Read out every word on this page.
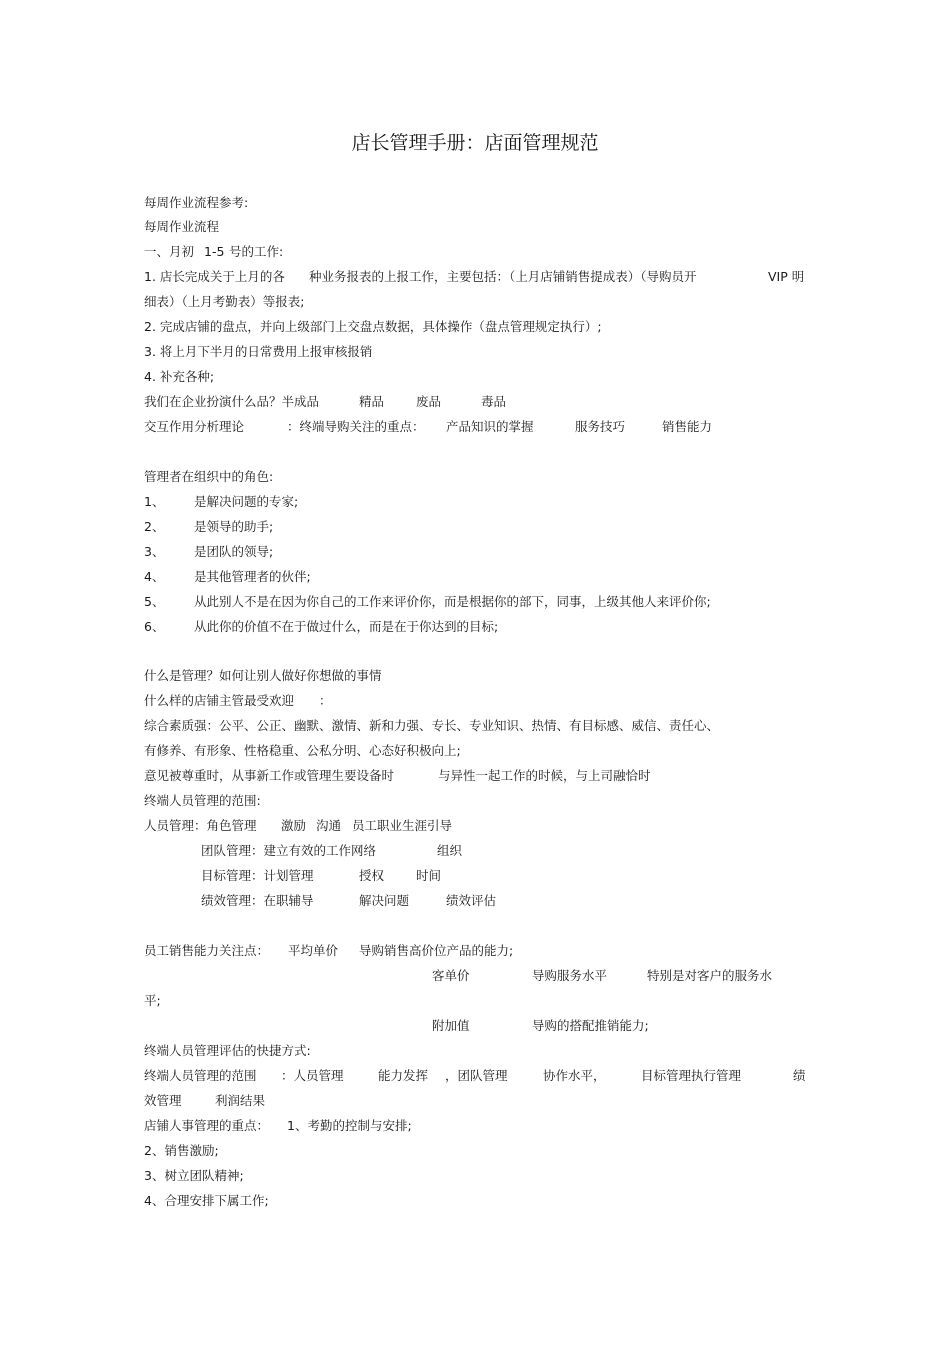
店长管理手册：店面管理规范
每周作业流程参考:
每周作业流程
一、月初 1-5 号的工作:
1. 店长完成关于上月的各 种业务报表的上报工作，主要包括：（上月店铺销售提成表）（导购员开	VIP 明
细表）（上月考勤表）等报表;
2. 完成店铺的盘点，并向上级部门上交盘点数据，具体操作（盘点管理规定执行）;
3. 将上月下半月的日常费用上报审核报销
4. 补充各种;
我们在企业扮演什么品？半成品	精品	废品	毒品
交互作用分析理论	：终端导购关注的重点： 产品知识的掌握	服务技巧	销售能力
管理者在组织中的角色:
1、 是解决问题的专家;
2、 是领导的助手;
3、 是团队的领导;
4、 是其他管理者的伙伴;
5、 从此别人不是在因为你自己的工作来评价你，而是根据你的部下，同事，上级其他人来评价你;
6、 从此你的价值不在于做过什么，而是在于你达到的目标;
什么是管理？如何让别人做好你想做的事情
什么样的店铺主管最受欢迎 ：
综合素质强：公平、公正、幽默、激情、新和力强、专长、专业知识、热情、有目标感、威信、责任心、
有修养、有形象、性格稳重、公私分明、心态好积极向上;
意见被尊重时，从事新工作或管理生要设备时	与异性一起工作的时候，与上司融恰时
终端人员管理的范围:
人员管理：角色管理 激励 沟通 员工职业生涯引导
团队管理：建立有效的工作网络	组织
目标管理：计划管理	授权	时间
绩效管理：在职辅导	解决问题	绩效评估
员工销售能力关注点： 平均单价 导购销售高价位产品的能力;
客单价	导购服务水平	特别是对客户的服务水
平;
附加值	导购的搭配推销能力;
终端人员管理评估的快捷方式:
终端人员管理的范围 ：人员管理	能力发挥 ，团队管理	协作水平，	目标管理执行管理	绩
效管理	利润结果
店铺人事管理的重点： 1、考勤的控制与安排;
2、销售激励;
3、树立团队精神;
4、合理安排下属工作;
